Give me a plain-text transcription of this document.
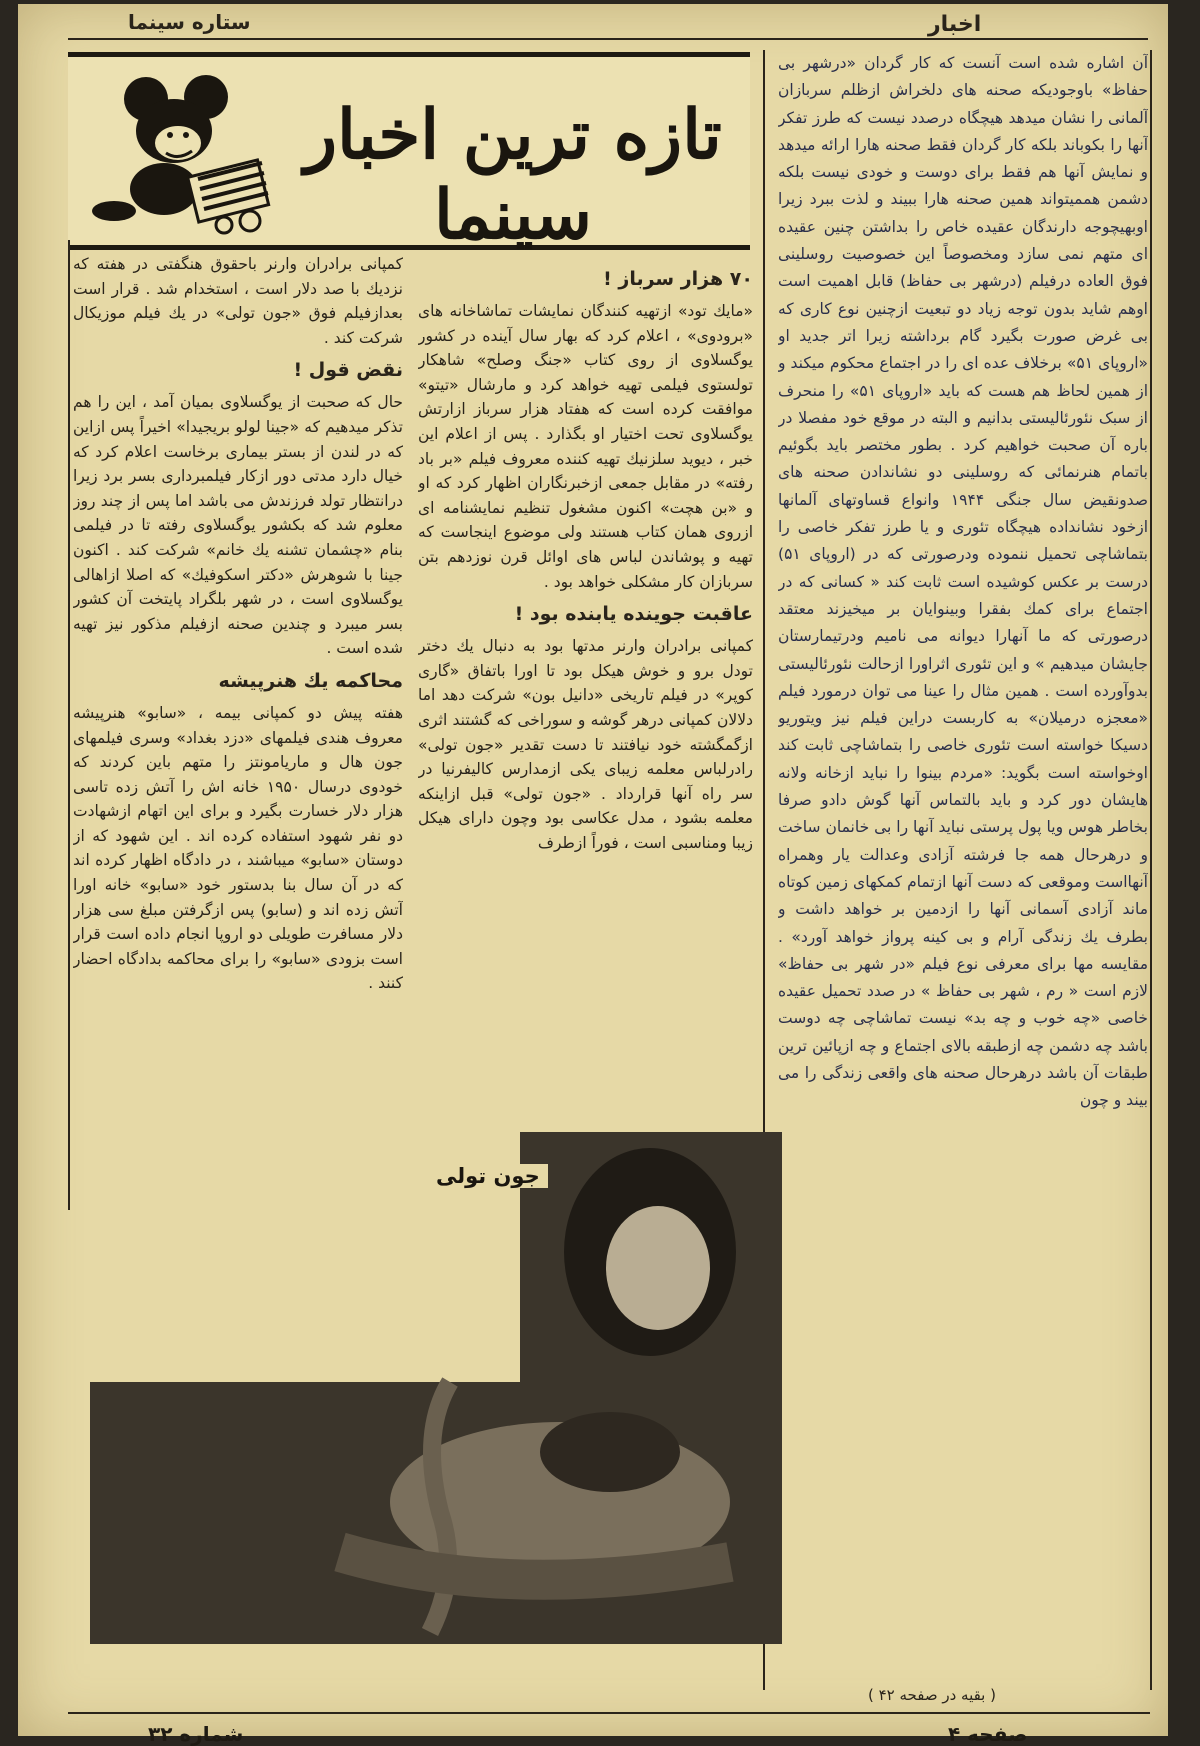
ستاره سینما	اخبار
تازه ترین اخبار سینما

آن اشاره شده است آنست که کار گردان «درشهر بی حفاظ» باوجودیکه صحنه های دلخراش ازظلم سربازان آلمانی را نشان میدهد هیچگاه درصدد نیست که طرز تفکر آنها را بکوباند بلکه کار گردان فقط صحنه هارا ارائه میدهد و نمایش آنها هم فقط برای دوست و خودی نیست بلکه دشمن هممیتواند همین صحنه هارا ببیند و لذت ببرد زیرا اوبهیچوجه دارندگان عقیده خاص را بداشتن چنین عقیده ای متهم نمی سازد ومخصوصاً این خصوصیت روسلینی فوق العاده درفیلم (درشهر بی حفاظ) قابل اهمیت است اوهم شاید بدون توجه زیاد دو تبعیت ازچنین نوع کاری که بی غرض صورت بگیرد گام برداشته زیرا اتر جدید او «اروپای ۵۱» برخلاف عده ای را در اجتماع محکوم میکند و از همین لحاظ هم هست که باید «اروپای ۵۱» را منحرف از سبک نئورئالیستی بدانیم و البته در موقع خود مفصلا در باره آن صحبت خواهیم کرد . بطور مختصر باید بگوئیم باتمام هنرنمائی که روسلینی دو نشاندادن صحنه های صدونقیض سال جنگی ۱۹۴۴ وانواع قساوتهای آلمانها ازخود نشانداده هیچگاه تئوری و یا طرز تفکر خاصی را بتماشاچی تحمیل ننموده ودرصورتی که در (اروپای ۵۱) درست بر عکس کوشیده است ثابت کند « کسانی که در اجتماع برای کمك بفقرا وبینوایان بر میخیزند معتقد درصورتی که ما آنهارا دیوانه می نامیم ودرتیمارستان جایشان میدهیم » و این تئوری اثراورا ازحالت نئورئالیستی بدوآورده است . همین مثال را عینا می توان درمورد فیلم «معجزه درمیلان» به کاربست دراین فیلم نیز ویتوریو دسیکا خواسته است تئوری خاصی را بتماشاچی ثابت کند اوخواسته است بگوید: «مردم بینوا را نباید ازخانه ولانه هایشان دور کرد و باید بالتماس آنها گوش دادو صرفا بخاطر هوس ویا پول پرستی نباید آنها را بی خانمان ساخت و درهرحال همه جا فرشته آزادی وعدالت یار وهمراه آنهااست وموقعی که دست آنها ازتمام کمکهای زمین کوتاه ماند آزادی آسمانی آنها را ازدمین بر خواهد داشت و بطرف یك زندگی آرام و بی کینه پرواز خواهد آورد» . مقایسه مها برای معرفی نوع فیلم «در شهر بی حفاظ» لازم است « رم ، شهر بی حفاظ » در صدد تحمیل عقیده خاصی «چه خوب و چه بد» نیست تماشاچی چه دوست باشد چه دشمن چه ازطبقه بالای اجتماع و چه ازپائین ترین طبقات آن باشد درهرحال صحنه های واقعی زندگی را می بیند و چون

( بقیه در صفحه ۴۲ )
۷۰ هزار سرباز !

«مایك تود» ازتهیه کنندگان نمایشات تماشاخانه های «برودوی» ، اعلام کرد که بهار سال آینده در کشور یوگسلاوی از روی کتاب «جنگ وصلح» شاهکار تولستوی فیلمی تهیه خواهد کرد و مارشال «تیتو» موافقت کرده است که هفتاد هزار سرباز ازارتش یوگسلاوی تحت اختیار او بگذارد . پس از اعلام این خبر ، دیوید سلزنیك تهیه کننده معروف فیلم «بر باد رفته» در مقابل جمعی ازخبرنگاران اظهار کرد که او و «بن هچت» اکنون مشغول تنظیم نمایشنامه ای ازروی همان کتاب هستند ولی موضوع اینجاست که تهیه و پوشاندن لباس های اوائل قرن نوزدهم بتن سربازان کار مشکلی خواهد بود .

عاقبت جوینده یابنده بود !

کمپانی برادران وارنر مدتها بود به دنبال يك دختر تودل برو و خوش هیکل بود تا اورا باتفاق «گاری کوپر» در فیلم تاریخی «دانیل بون» شرکت دهد اما دلالان کمپانی درهر گوشه و سوراخی که گشتند اثری ازگمگشته خود نیافتند تا دست تقدیر «جون تولی» رادرلباس معلمه زیبای یکی ازمدارس کالیفرنیا در سر راه آنها قرارداد . «جون تولی» قبل ازاینکه معلمه بشود ، مدل عکاسی بود وچون دارای هیکل زیبا ومناسبی است ، فوراً ازطرف

کمپانی برادران وارنر باحقوق هنگفتی در هفته که نزدیك با صد دلار است ، استخدام شد . قرار است بعدازفیلم فوق «جون تولی» در یك فیلم موزیکال شرکت کند .

نقض قول !

حال که صحبت از یوگسلاوی بمیان آمد ، این را هم تذکر میدهیم که «جینا لولو بریجیدا» اخیراً پس ازاین که در لندن از بستر بیماری برخاست اعلام کرد که خیال دارد مدتی دور ازکار فیلمبرداری بسر برد زیرا درانتظار تولد فرزندش می باشد اما پس از چند روز معلوم شد که بکشور یوگسلاوی رفته تا در فیلمی بنام «چشمان تشنه یك خانم» شرکت کند . اکنون جینا با شوهرش «دکتر اسکوفیك» که اصلا ازاهالی یوگسلاوی است ، در شهر بلگراد پایتخت آن کشور بسر میبرد و چندین صحنه ازفیلم مذکور نیز تهیه شده است .

محاکمه يك هنرپیشه

هفته پیش دو کمپانی بیمه ، «سابو» هنرپیشه معروف هندی فیلمهای «دزد بغداد» وسری فیلمهای جون هال و ماریامونتز را متهم باین کردند که خودوی درسال ۱۹۵۰ خانه اش را آتش زده تاسی هزار دلار خسارت بگیرد و برای این اتهام ازشهادت دو نفر شهود استفاده کرده اند . این شهود که از دوستان «سابو» میباشند ، در دادگاه اظهار کرده اند که در آن سال بنا بدستور خود «سابو» خانه اورا آتش زده اند و (سابو) پس ازگرفتن مبلغ سی هزار دلار مسافرت طویلی دو اروپا انجام داده است قرار است بزودی «سابو» را برای محاکمه بدادگاه احضار کنند .

جون تولی
شماره ۳۲	صفحه ۴
